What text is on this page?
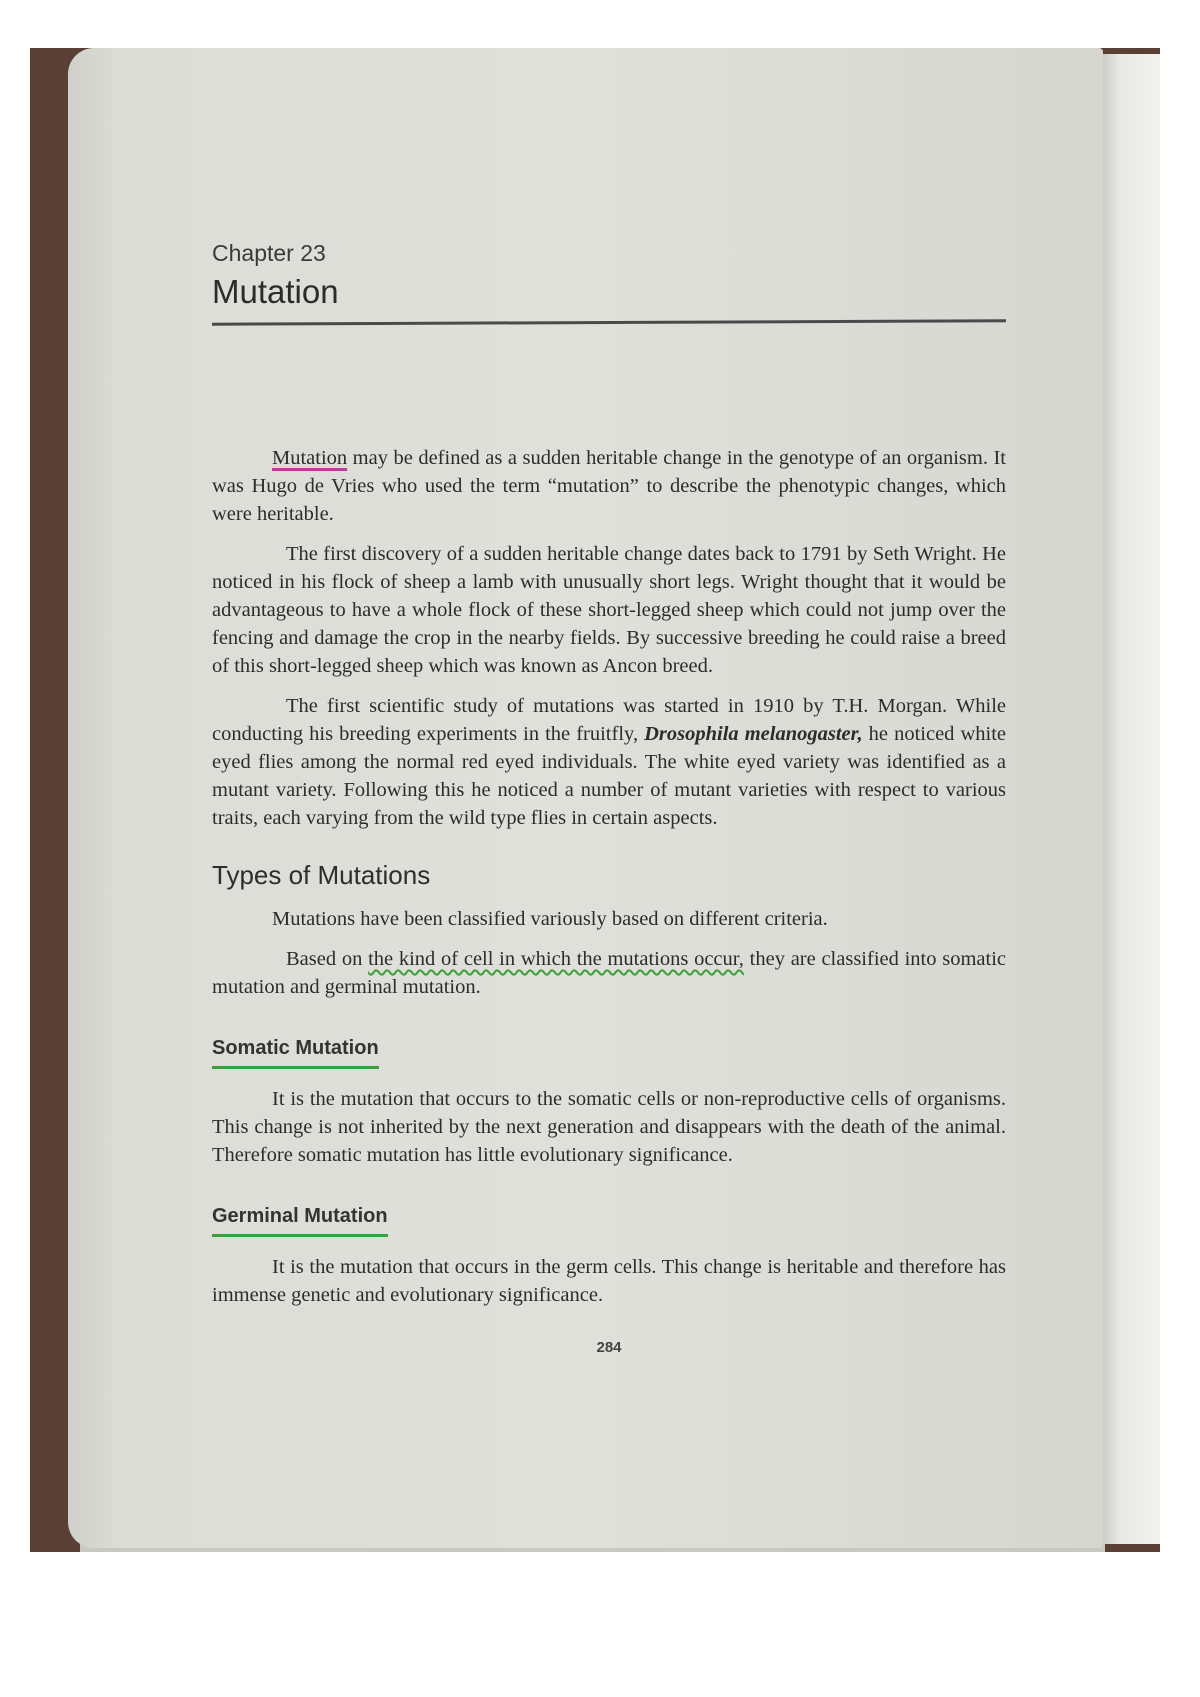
Chapter 23
Mutation

Mutation may be defined as a sudden heritable change in the genotype of an organism. It was Hugo de Vries who used the term “mutation” to describe the phenotypic changes, which were heritable.

The first discovery of a sudden heritable change dates back to 1791 by Seth Wright. He noticed in his flock of sheep a lamb with unusually short legs. Wright thought that it would be advantageous to have a whole flock of these short-legged sheep which could not jump over the fencing and damage the crop in the nearby fields. By successive breeding he could raise a breed of this short-legged sheep which was known as Ancon breed.

The first scientific study of mutations was started in 1910 by T.H. Morgan. While conducting his breeding experiments in the fruitfly, Drosophila melanogaster, he noticed white eyed flies among the normal red eyed individuals. The white eyed variety was identified as a mutant variety. Following this he noticed a number of mutant varieties with respect to various traits, each varying from the wild type flies in certain aspects.

Types of Mutations

Mutations have been classified variously based on different criteria.

Based on the kind of cell in which the mutations occur, they are classified into somatic mutation and germinal mutation.

Somatic Mutation

It is the mutation that occurs to the somatic cells or non-reproductive cells of organisms. This change is not inherited by the next generation and disappears with the death of the animal. Therefore somatic mutation has little evolutionary significance.

Germinal Mutation

It is the mutation that occurs in the germ cells. This change is heritable and therefore has immense genetic and evolutionary significance.

284
